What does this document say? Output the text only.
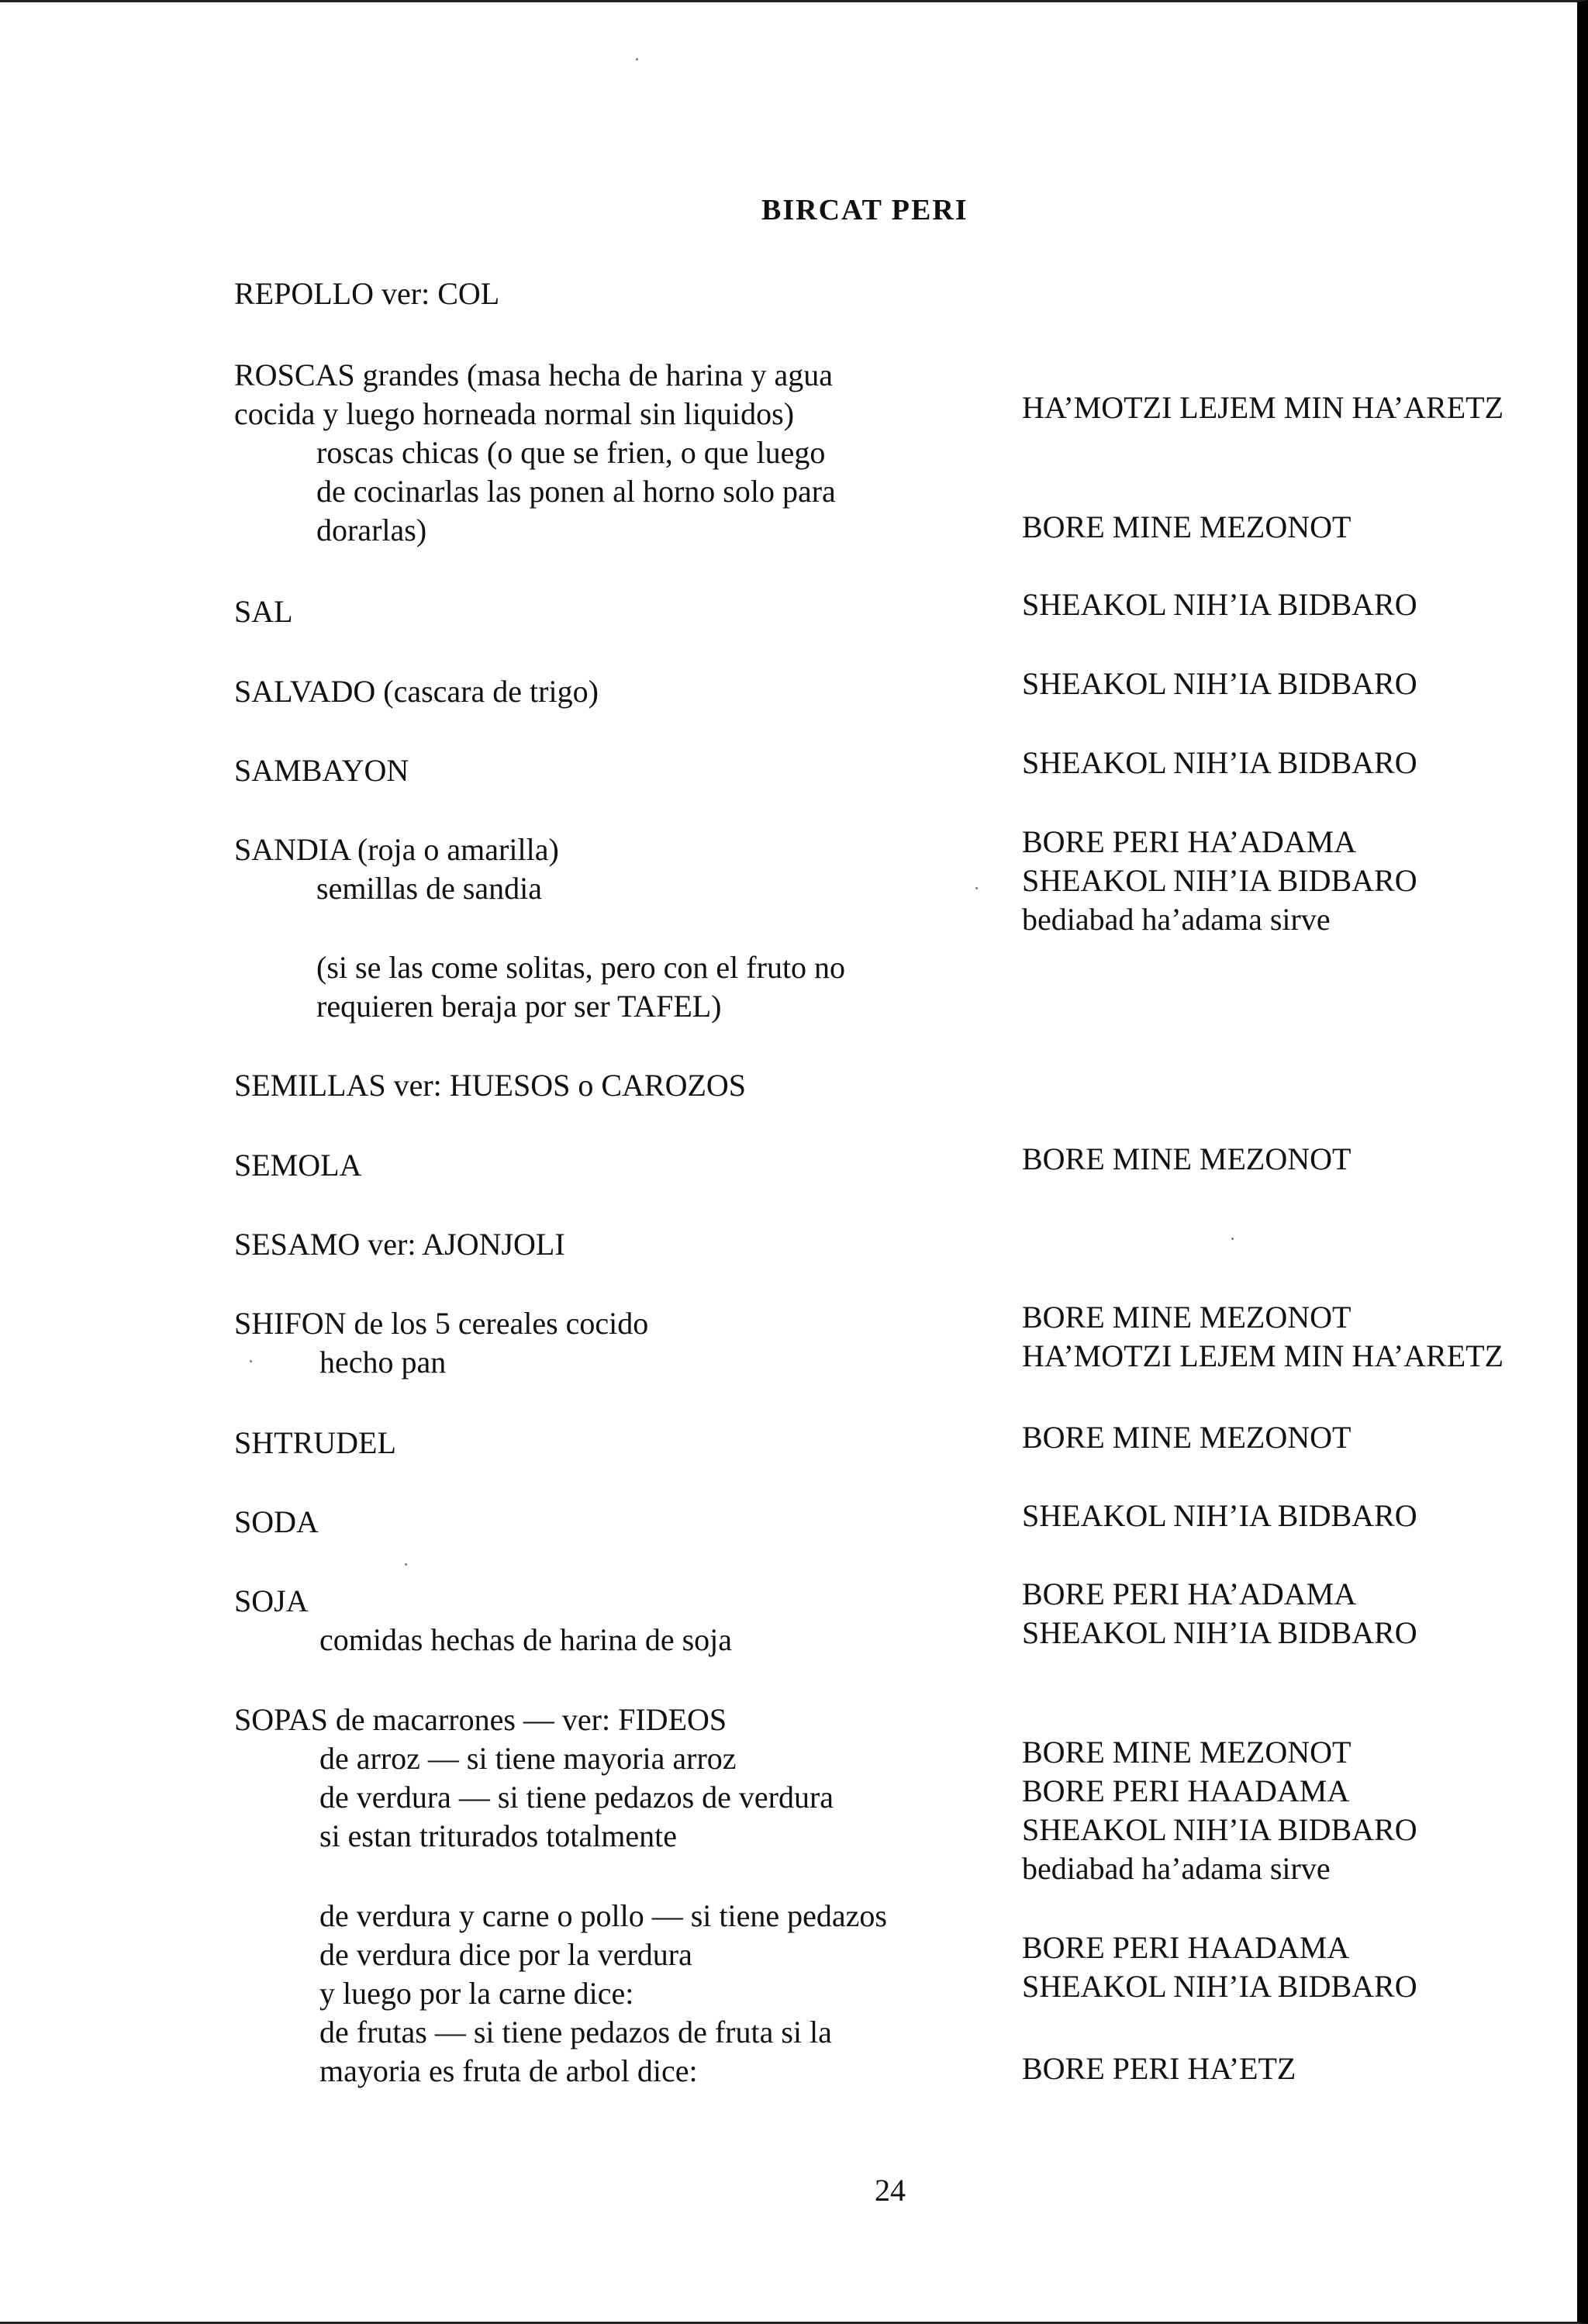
BIRCAT PERI
REPOLLO ver: COL
ROSCAS grandes (masa hecha de harina y agua
cocida y luego horneada normal sin liquidos)
roscas chicas (o que se frien, o que luego
de cocinarlas las ponen al horno solo para
dorarlas)
SAL
SALVADO (cascara de trigo)
SAMBAYON
SANDIA (roja o amarilla)
semillas de sandia
(si se las come solitas, pero con el fruto no
requieren beraja por ser TAFEL)
SEMILLAS ver: HUESOS o CAROZOS
SEMOLA
SESAMO ver: AJONJOLI
SHIFON de los 5 cereales cocido
hecho pan
SHTRUDEL
SODA
SOJA
comidas hechas de harina de soja
SOPAS de macarrones — ver: FIDEOS
de arroz — si tiene mayoria arroz
de verdura — si tiene pedazos de verdura
si estan triturados totalmente
de verdura y carne o pollo — si tiene pedazos
de verdura dice por la verdura
y luego por la carne dice:
de frutas — si tiene pedazos de fruta si la
mayoria es fruta de arbol dice:
HA’MOTZI LEJEM MIN HA’ARETZ
BORE MINE MEZONOT
SHEAKOL NIH’IA BIDBARO
SHEAKOL NIH’IA BIDBARO
SHEAKOL NIH’IA BIDBARO
BORE PERI HA’ADAMA
SHEAKOL NIH’IA BIDBARO
bediabad ha’adama sirve
BORE MINE MEZONOT
BORE MINE MEZONOT
HA’MOTZI LEJEM MIN HA’ARETZ
BORE MINE MEZONOT
SHEAKOL NIH’IA BIDBARO
BORE PERI HA’ADAMA
SHEAKOL NIH’IA BIDBARO
BORE MINE MEZONOT
BORE PERI HAADAMA
SHEAKOL NIH’IA BIDBARO
bediabad ha’adama sirve
BORE PERI HAADAMA
SHEAKOL NIH’IA BIDBARO
BORE PERI HA’ETZ
24
